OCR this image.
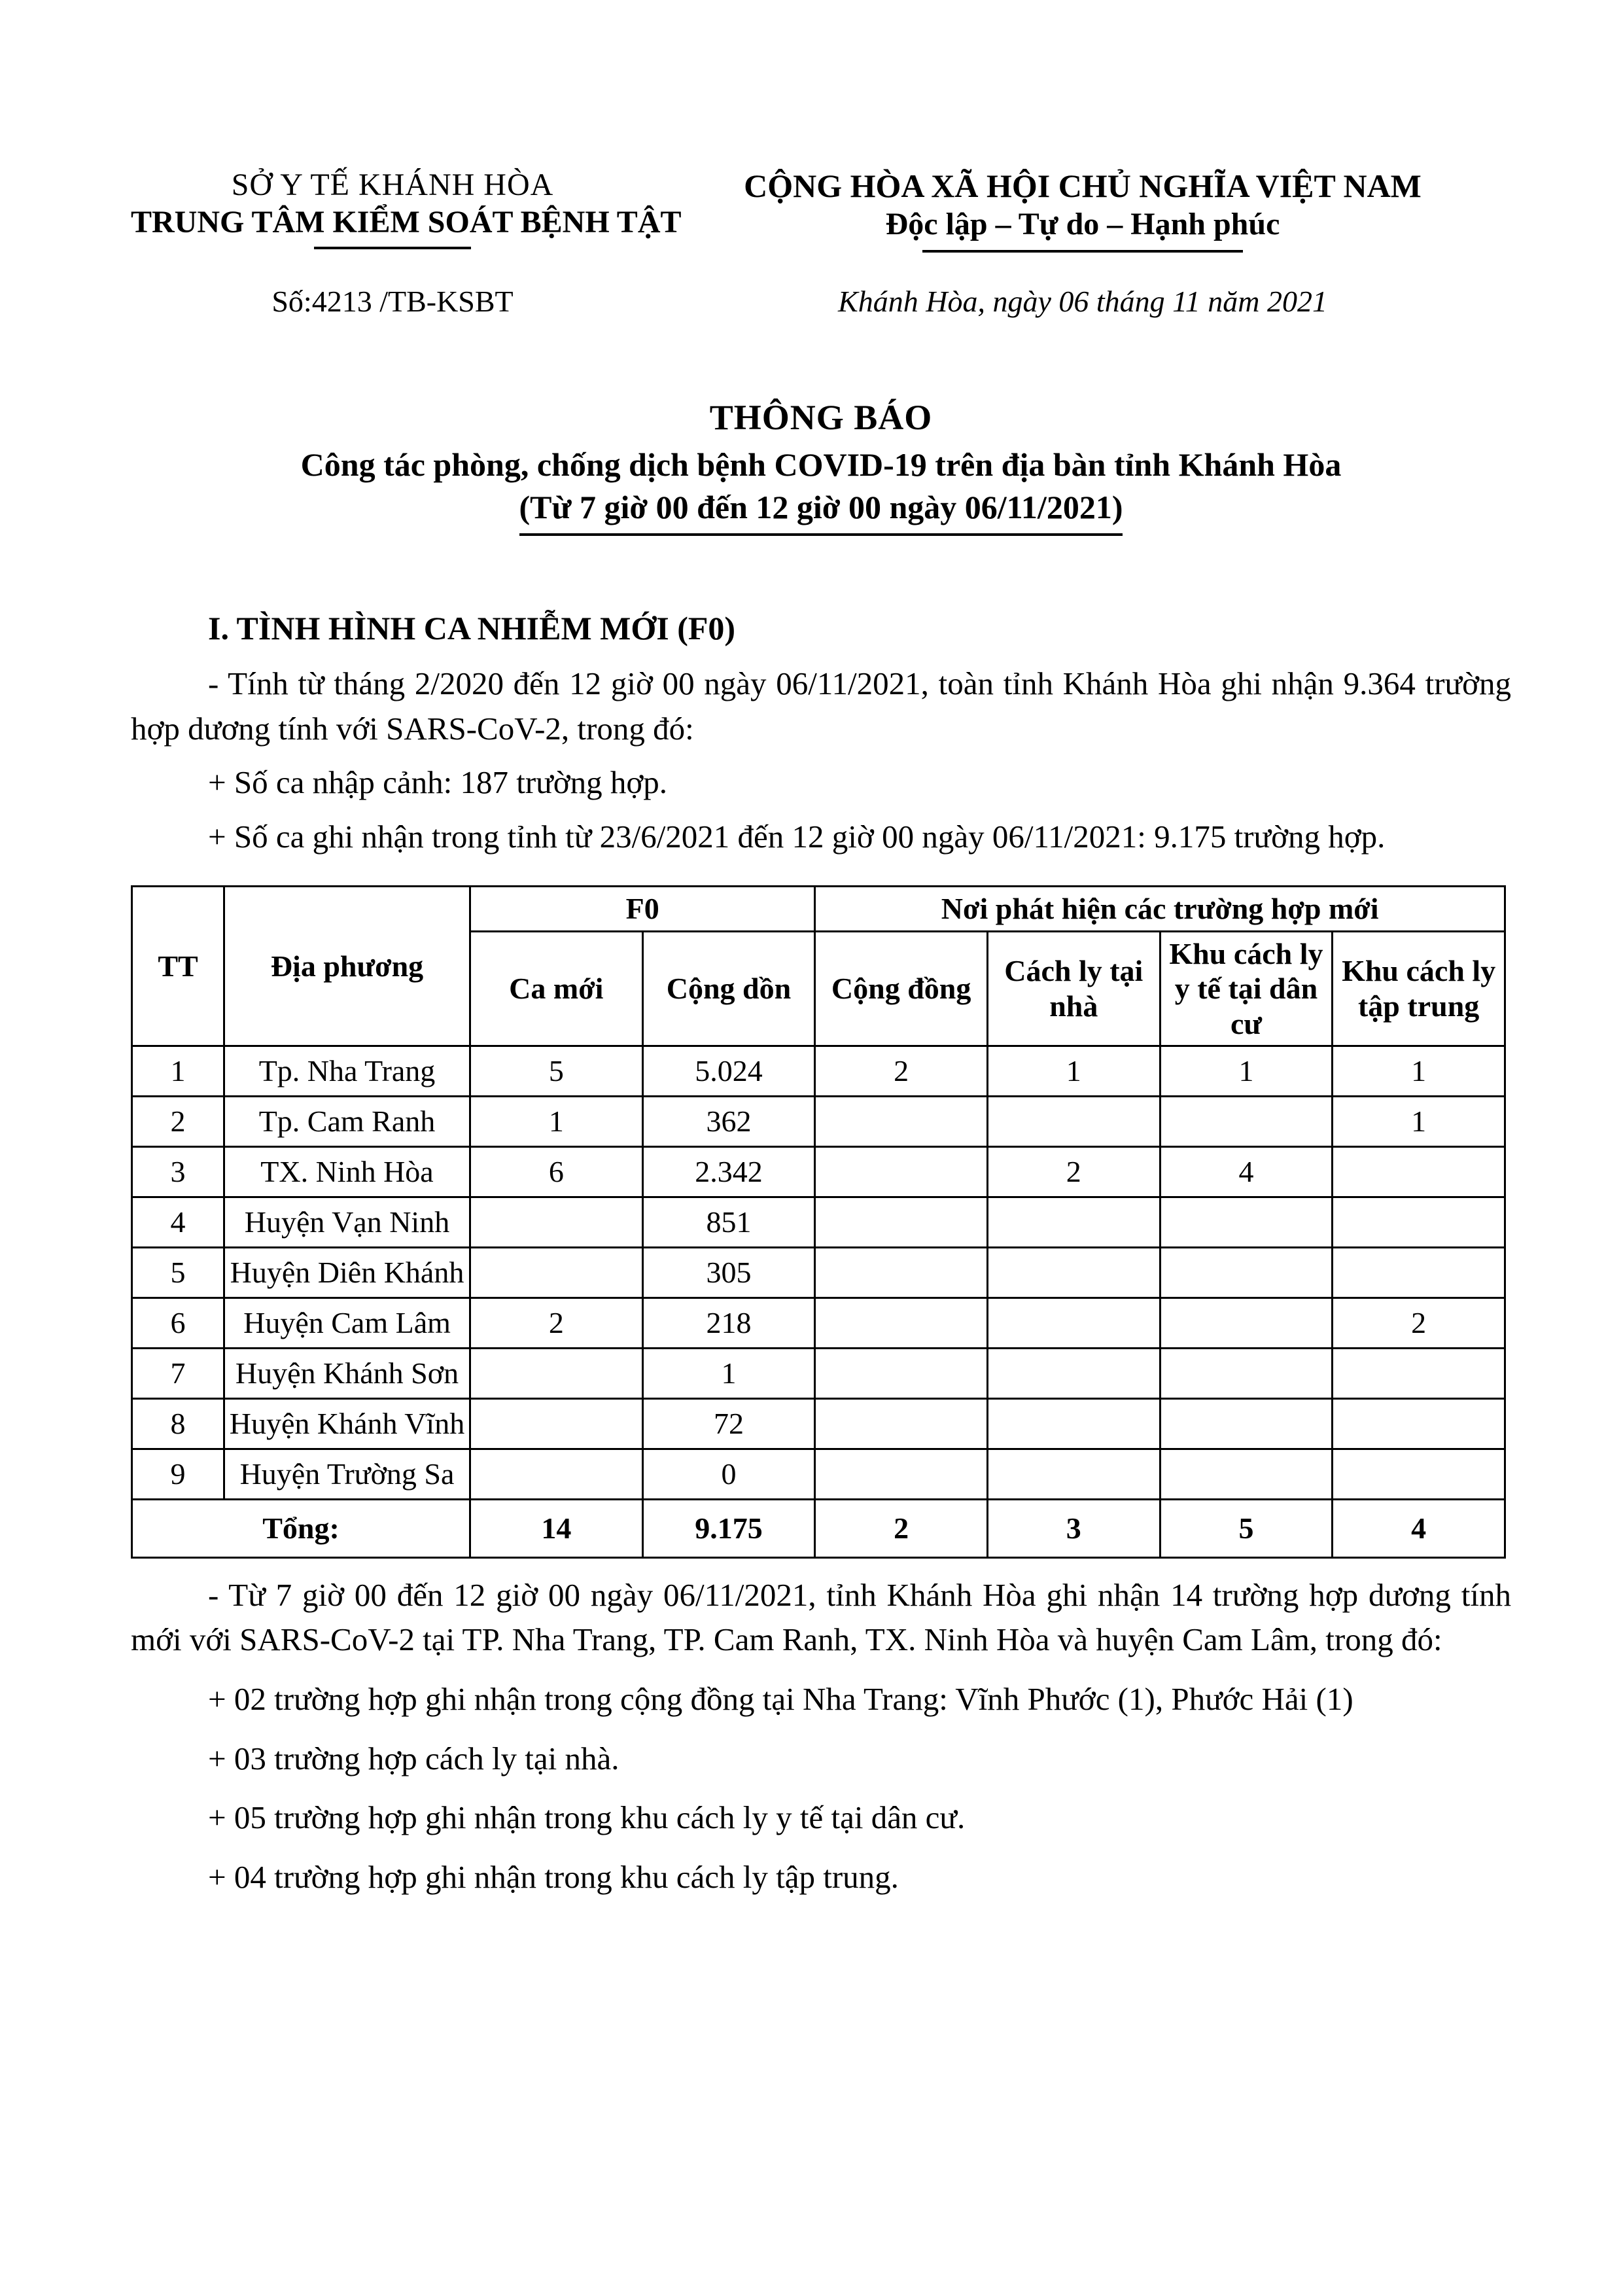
SỞ Y TẾ KHÁNH HÒA
TRUNG TÂM KIỂM SOÁT BỆNH TẬT
CỘNG HÒA XÃ HỘI CHỦ NGHĨA VIỆT NAM
Độc lập – Tự do – Hạnh phúc
Số:4213 /TB-KSBT	Khánh Hòa, ngày 06 tháng 11 năm 2021
THÔNG BÁO
Công tác phòng, chống dịch bệnh COVID-19 trên địa bàn tỉnh Khánh Hòa
(Từ 7 giờ 00 đến 12 giờ 00 ngày 06/11/2021)
I. TÌNH HÌNH CA NHIỄM MỚI (F0)

- Tính từ tháng 2/2020 đến 12 giờ 00 ngày 06/11/2021, toàn tỉnh Khánh Hòa ghi nhận 9.364 trường hợp dương tính với SARS-CoV-2, trong đó:

+ Số ca nhập cảnh: 187 trường hợp.

+ Số ca ghi nhận trong tỉnh từ 23/6/2021 đến 12 giờ 00 ngày 06/11/2021: 9.175 trường hợp.

TT	Địa phương	F0		Nơi phát hiện các trường hợp mới			
		Ca mới	Cộng dồn	Cộng đồng	Cách ly tại nhà	Khu cách ly y tế tại dân cư	Khu cách ly tập trung
1	Tp. Nha Trang	5	5.024	2	1	1	1
2	Tp. Cam Ranh	1	362				1
3	TX. Ninh Hòa	6	2.342		2	4	
4	Huyện Vạn Ninh		851				
5	Huyện Diên Khánh		305				
6	Huyện Cam Lâm	2	218				2
7	Huyện Khánh Sơn		1				
8	Huyện Khánh Vĩnh		72				
9	Huyện Trường Sa		0				
Tổng:		14	9.175	2	3	5	4

- Từ 7 giờ 00 đến 12 giờ 00 ngày 06/11/2021, tỉnh Khánh Hòa ghi nhận 14 trường hợp dương tính mới với SARS-CoV-2 tại TP. Nha Trang, TP. Cam Ranh, TX. Ninh Hòa và huyện Cam Lâm, trong đó:

+ 02 trường hợp ghi nhận trong cộng đồng tại Nha Trang: Vĩnh Phước (1), Phước Hải (1)

+ 03 trường hợp cách ly tại nhà.

+ 05 trường hợp ghi nhận trong khu cách ly y tế tại dân cư.

+ 04 trường hợp ghi nhận trong khu cách ly tập trung.
